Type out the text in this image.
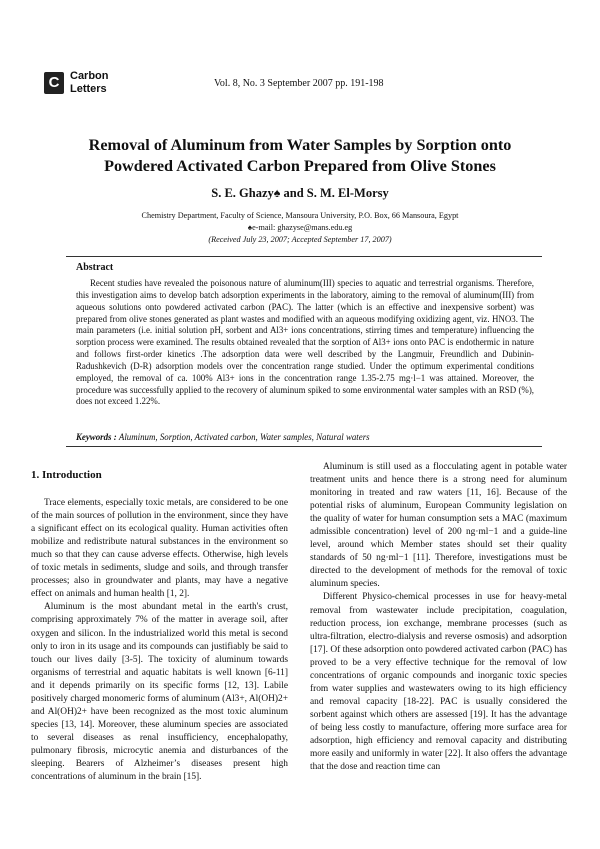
C Carbon
Letters	Vol. 8, No. 3 September 2007 pp. 191-198
Removal of Aluminum from Water Samples by Sorption onto
Powdered Activated Carbon Prepared from Olive Stones
S. E. Ghazy♠ and S. M. El-Morsy
Chemistry Department, Faculty of Science, Mansoura University, P.O. Box, 66 Mansoura, Egypt
♠e-mail: ghazyse@mans.edu.eg
(Received July 23, 2007; Accepted September 17, 2007)
Abstract
Recent studies have revealed the poisonous nature of aluminum(III) species to aquatic and terrestrial organisms. Therefore, this investigation aims to develop batch adsorption experiments in the laboratory, aiming to the removal of aluminum(III) from aqueous solutions onto powdered activated carbon (PAC). The latter (which is an effective and inexpensive sorbent) was prepared from olive stones generated as plant wastes and modified with an aqueous modifying oxidizing agent, viz. HNO3. The main parameters (i.e. initial solution pH, sorbent and Al3+ ions concentrations, stirring times and temperature) influencing the sorption process were examined. The results obtained revealed that the sorption of Al3+ ions onto PAC is endothermic in nature and follows first-order kinetics .The adsorption data were well described by the Langmuir, Freundlich and Dubinin-Radushkevich (D-R) adsorption models over the concentration range studied. Under the optimum experimental conditions employed, the removal of ca. 100% Al3+ ions in the concentration range 1.35-2.75 mg·l−1 was attained. Moreover, the procedure was successfully applied to the recovery of aluminum spiked to some environmental water samples with an RSD (%), does not exceed 1.22%.
Keywords : Aluminum, Sorption, Activated carbon, Water samples, Natural waters
1. Introduction

Trace elements, especially toxic metals, are considered to be one of the main sources of pollution in the environment, since they have a significant effect on its ecological quality. Human activities often mobilize and redistribute natural substances in the environment so much so that they can cause adverse effects. Otherwise, high levels of toxic metals in sediments, sludge and soils, and through transfer processes; also in groundwater and plants, may have a negative effect on animals and human health [1, 2].

Aluminum is the most abundant metal in the earth's crust, comprising approximately 7% of the matter in average soil, after oxygen and silicon. In the industrialized world this metal is second only to iron in its usage and its compounds can justifiably be said to touch our lives daily [3-5]. The toxicity of aluminum towards organisms of terrestrial and aquatic habitats is well known [6-11] and it depends primarily on its specific forms [12, 13]. Labile positively charged monomeric forms of aluminum (Al3+, Al(OH)2+ and Al(OH)2+ have been recognized as the most toxic aluminum species [13, 14]. Moreover, these aluminum species are associated to several diseases as renal insufficiency, encephalopathy, pulmonary fibrosis, microcytic anemia and disturbances of the sleeping. Bearers of Alzheimer’s diseases present high concentrations of aluminum in the brain [15].

Aluminum is still used as a flocculating agent in potable water treatment units and hence there is a strong need for aluminum monitoring in treated and raw waters [11, 16]. Because of the potential risks of aluminum, European Community legislation on the quality of water for human consumption sets a MAC (maximum admissible concentration) level of 200 ng·ml−1 and a guide-line level, around which Member states should set their quality standards of 50 ng·ml−1 [11]. Therefore, investigations must be directed to the development of methods for the removal of toxic aluminum species.

Different Physico-chemical processes in use for heavy-metal removal from wastewater include precipitation, coagulation, reduction process, ion exchange, membrane processes (such as ultra-filtration, electro-dialysis and reverse osmosis) and adsorption [17]. Of these adsorption onto powdered activated carbon (PAC) has proved to be a very effective technique for the removal of low concentrations of organic compounds and inorganic toxic species from water supplies and wastewaters owing to its high efficiency and removal capacity [18-22]. PAC is usually considered the sorbent against which others are assessed [19]. It has the advantage of being less costly to manufacture, offering more surface area for adsorption, high efficiency and removal capacity and distributing more easily and uniformly in water [22]. It also offers the advantage that the dose and reaction time can
